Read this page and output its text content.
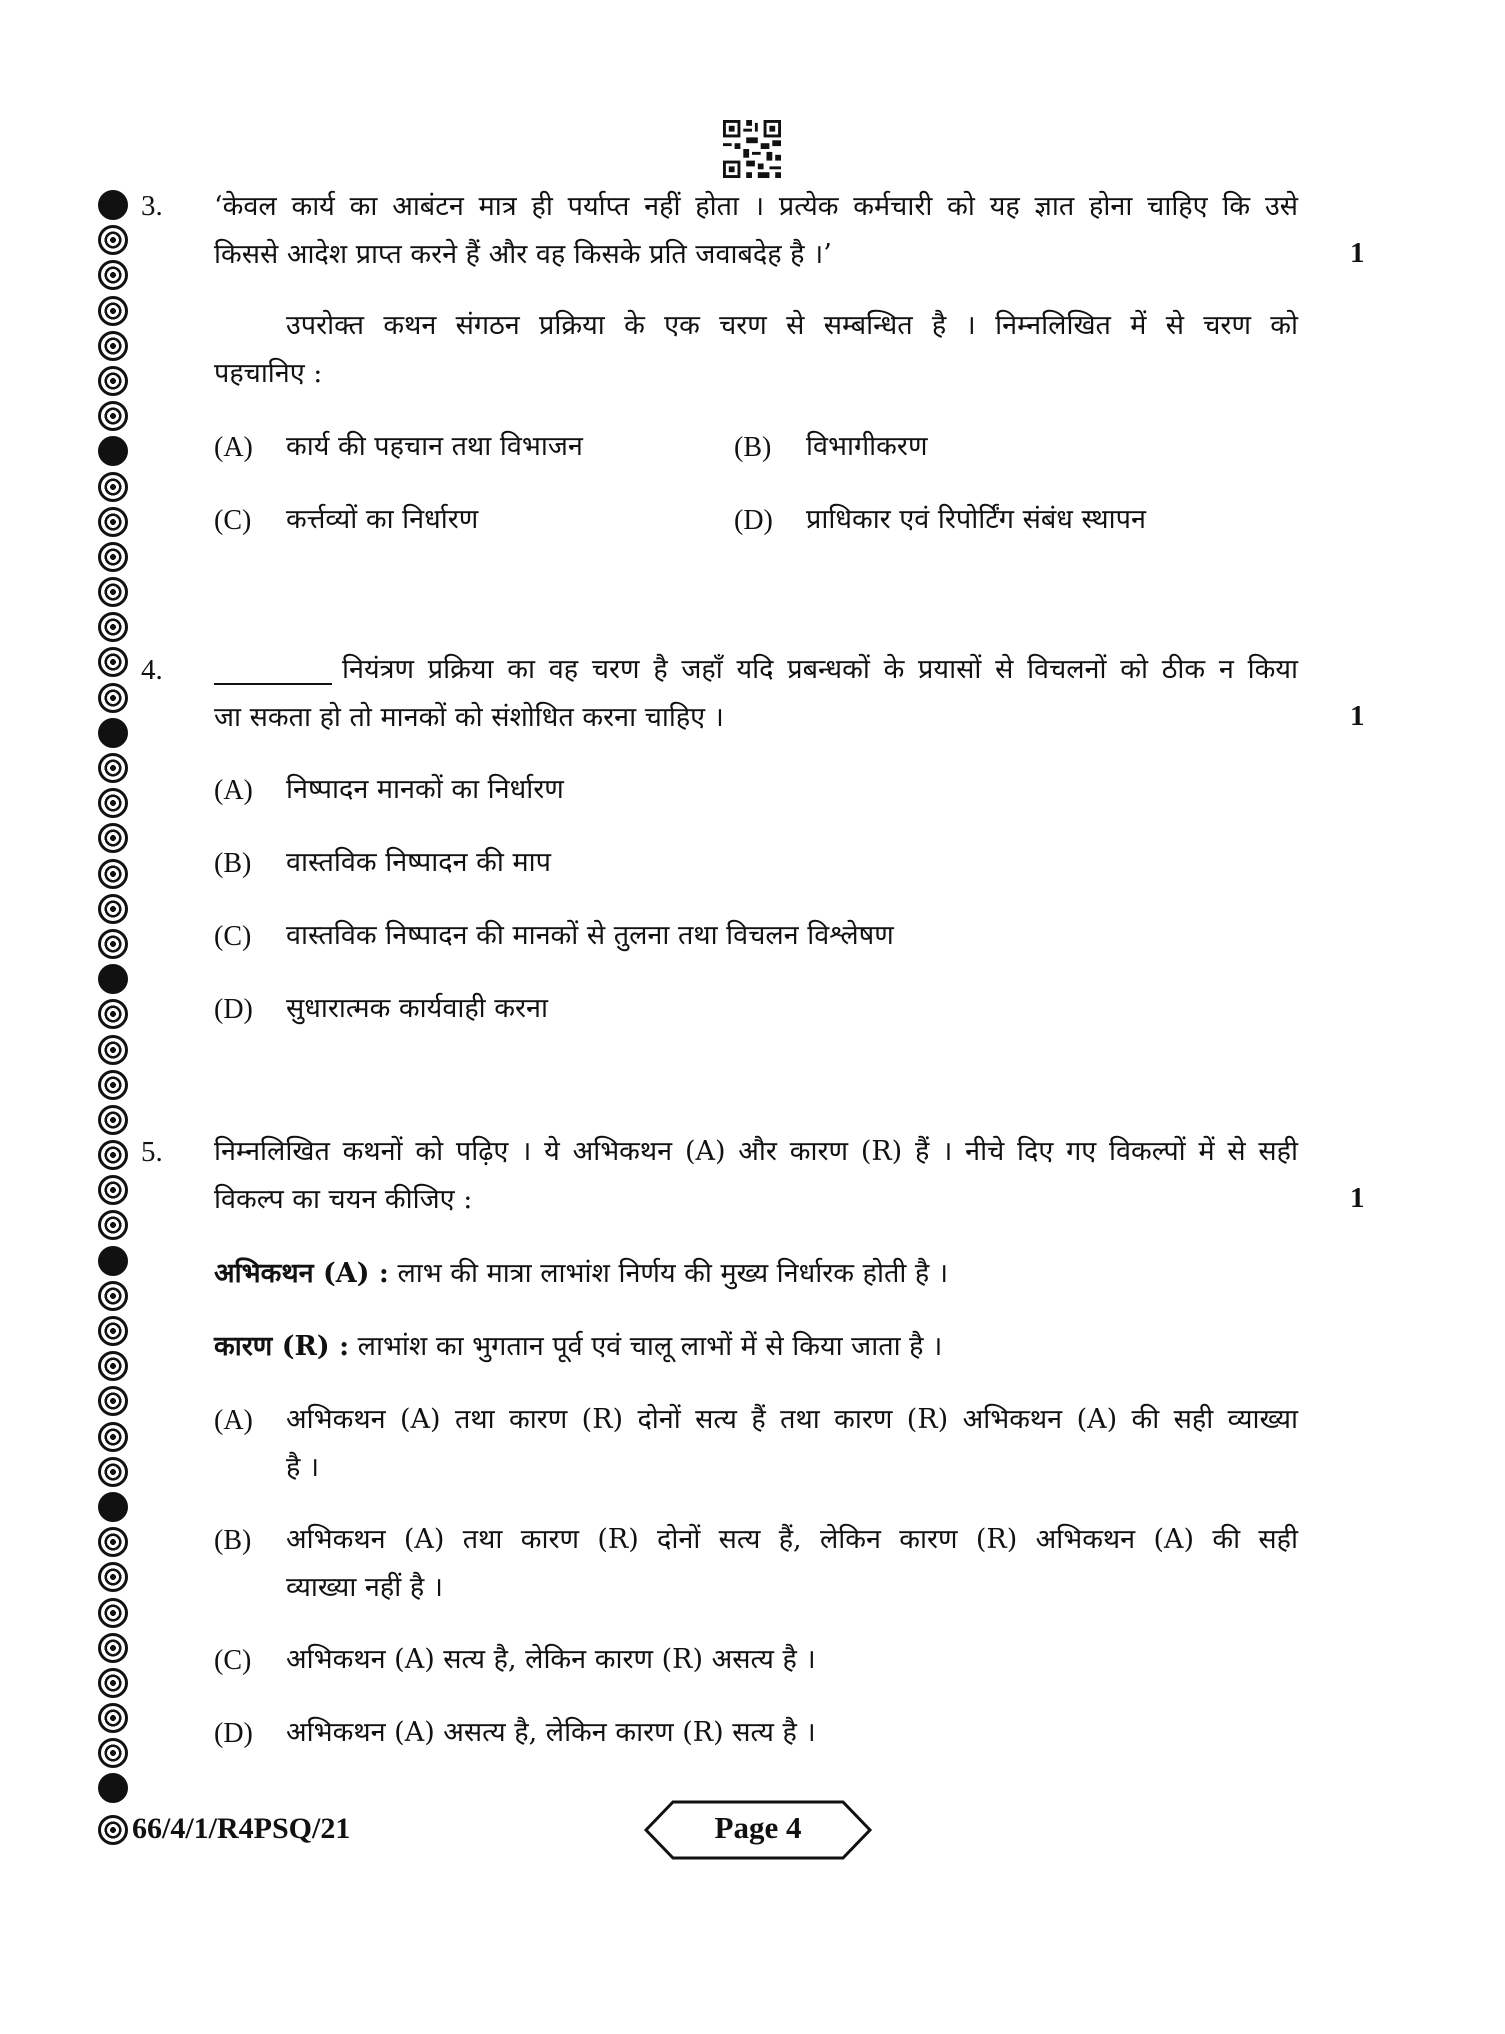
3. ‘केवल कार्य का आबंटन मात्र ही पर्याप्त नहीं होता । प्रत्येक कर्मचारी को यह ज्ञात होना चाहिए कि उसे
किससे आदेश प्राप्त करने हैं और वह किसके प्रति जवाबदेह है ।’	1
उपरोक्त कथन संगठन प्रक्रिया के एक चरण से सम्बन्धित है । निम्नलिखित में से चरण को
पहचानिए :
(A) कार्य की पहचान तथा विभाजन	(B) विभागीकरण
(C) कर्त्तव्यों का निर्धारण	(D) प्राधिकार एवं रिपोर्टिंग संबंध स्थापन
4.	नियंत्रण प्रक्रिया का वह चरण है जहाँ यदि प्रबन्धकों के प्रयासों से विचलनों को ठीक न किया
जा सकता हो तो मानकों को संशोधित करना चाहिए ।	1
(A) निष्पादन मानकों का निर्धारण
(B) वास्तविक निष्पादन की माप
(C) वास्तविक निष्पादन की मानकों से तुलना तथा विचलन विश्लेषण
(D) सुधारात्मक कार्यवाही करना
5. निम्नलिखित कथनों को पढ़िए । ये अभिकथन (A) और कारण (R) हैं । नीचे दिए गए विकल्पों में से सही
विकल्प का चयन कीजिए :	1
अभिकथन (A) : लाभ की मात्रा लाभांश निर्णय की मुख्य निर्धारक होती है ।
कारण (R) : लाभांश का भुगतान पूर्व एवं चालू लाभों में से किया जाता है ।
(A) अभिकथन (A) तथा कारण (R) दोनों सत्य हैं तथा कारण (R) अभिकथन (A) की सही व्याख्या
है ।
(B) अभिकथन (A) तथा कारण (R) दोनों सत्य हैं, लेकिन कारण (R) अभिकथन (A) की सही
व्याख्या नहीं है ।
(C) अभिकथन (A) सत्य है, लेकिन कारण (R) असत्य है ।
(D) अभिकथन (A) असत्य है, लेकिन कारण (R) सत्य है ।
66/4/1/R4PSQ/21	Page 4
